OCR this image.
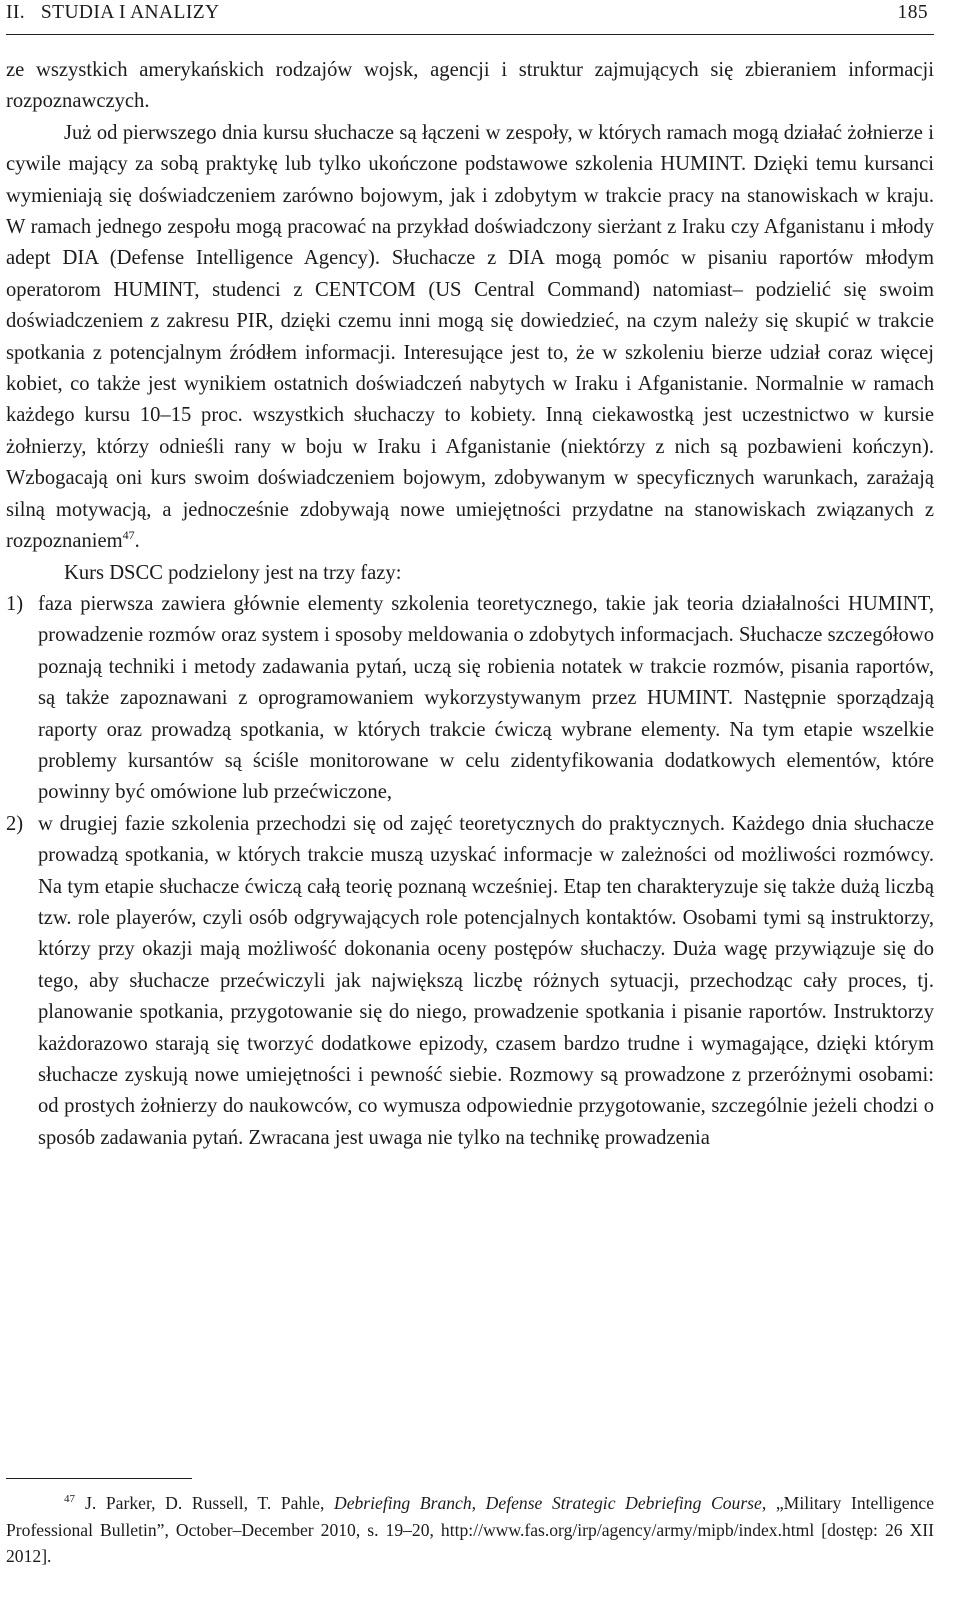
II.   STUDIA I ANALIZY	185

ze wszystkich amerykańskich rodzajów wojsk, agencji i struktur zajmujących się zbieraniem informacji rozpoznawczych.

Już od pierwszego dnia kursu słuchacze są łączeni w zespoły, w których ramach mogą działać żołnierze i cywile mający za sobą praktykę lub tylko ukończone podstawowe szkolenia HUMINT. Dzięki temu kursanci wymieniają się doświadczeniem zarówno bojowym, jak i zdobytym w trakcie pracy na stanowiskach w kraju. W ramach jednego zespołu mogą pracować na przykład doświadczony sierżant z Iraku czy Afganistanu i młody adept DIA (Defense Intelligence Agency). Słuchacze z DIA mogą pomóc w pisaniu raportów młodym operatorom HUMINT, studenci z CENTCOM (US Central Command) natomiast– podzielić się swoim doświadczeniem z zakresu PIR, dzięki czemu inni mogą się dowiedzieć, na czym należy się skupić w trakcie spotkania z potencjalnym źródłem informacji. Interesujące jest to, że w szkoleniu bierze udział coraz więcej kobiet, co także jest wynikiem ostatnich doświadczeń nabytych w Iraku i Afganistanie. Normalnie w ramach każdego kursu 10–15 proc. wszystkich słuchaczy to kobiety. Inną ciekawostką jest uczestnictwo w kursie żołnierzy, którzy odnieśli rany w boju w Iraku i Afganistanie (niektórzy z nich są pozbawieni kończyn). Wzbogacają oni kurs swoim doświadczeniem bojowym, zdobywanym w specyficznych warunkach, zarażają silną motywacją, a jednocześnie zdobywają nowe umiejętności przydatne na stanowiskach związanych z rozpoznaniem$^{47}$.

Kurs DSCC podzielony jest na trzy fazy:

1) faza pierwsza zawiera głównie elementy szkolenia teoretycznego, takie jak teoria działalności HUMINT, prowadzenie rozmów oraz system i sposoby meldowania o zdobytych informacjach. Słuchacze szczegółowo poznają techniki i metody zadawania pytań, uczą się robienia notatek w trakcie rozmów, pisania raportów, są także zapoznawani z oprogramowaniem wykorzystywanym przez HUMINT. Następnie sporządzają raporty oraz prowadzą spotkania, w których trakcie ćwiczą wybrane elementy. Na tym etapie wszelkie problemy kursantów są ściśle monitorowane w celu zidentyfikowania dodatkowych elementów, które powinny być omówione lub przećwiczone,
2) w drugiej fazie szkolenia przechodzi się od zajęć teoretycznych do praktycznych. Każdego dnia słuchacze prowadzą spotkania, w których trakcie muszą uzyskać informacje w zależności od możliwości rozmówcy. Na tym etapie słuchacze ćwiczą całą teorię poznaną wcześniej. Etap ten charakteryzuje się także dużą liczbą tzw. role playerów, czyli osób odgrywających role potencjalnych kontaktów. Osobami tymi są instruktorzy, którzy przy okazji mają możliwość dokonania oceny postępów słuchaczy. Duża wagę przywiązuje się do tego, aby słuchacze przećwiczyli jak największą liczbę różnych sytuacji, przechodząc cały proces, tj. planowanie spotkania, przygotowanie się do niego, prowadzenie spotkania i pisanie raportów. Instruktorzy każdorazowo starają się tworzyć dodatkowe epizody, czasem bardzo trudne i wymagające, dzięki którym słuchacze zyskują nowe umiejętności i pewność siebie. Rozmowy są prowadzone z przeróżnymi osobami: od prostych żołnierzy do naukowców, co wymusza odpowiednie przygotowanie, szczególnie jeżeli chodzi o sposób zadawania pytań. Zwracana jest uwaga nie tylko na technikę prowadzenia
$^{47}$ J. Parker, D. Russell, T. Pahle, Debriefing Branch, Defense Strategic Debriefing Course, „Military Intelligence Professional Bulletin”, October–December 2010, s. 19–20, http://www.fas.org/irp/agency/army/mipb/index.html [dostęp: 26 XII 2012].
